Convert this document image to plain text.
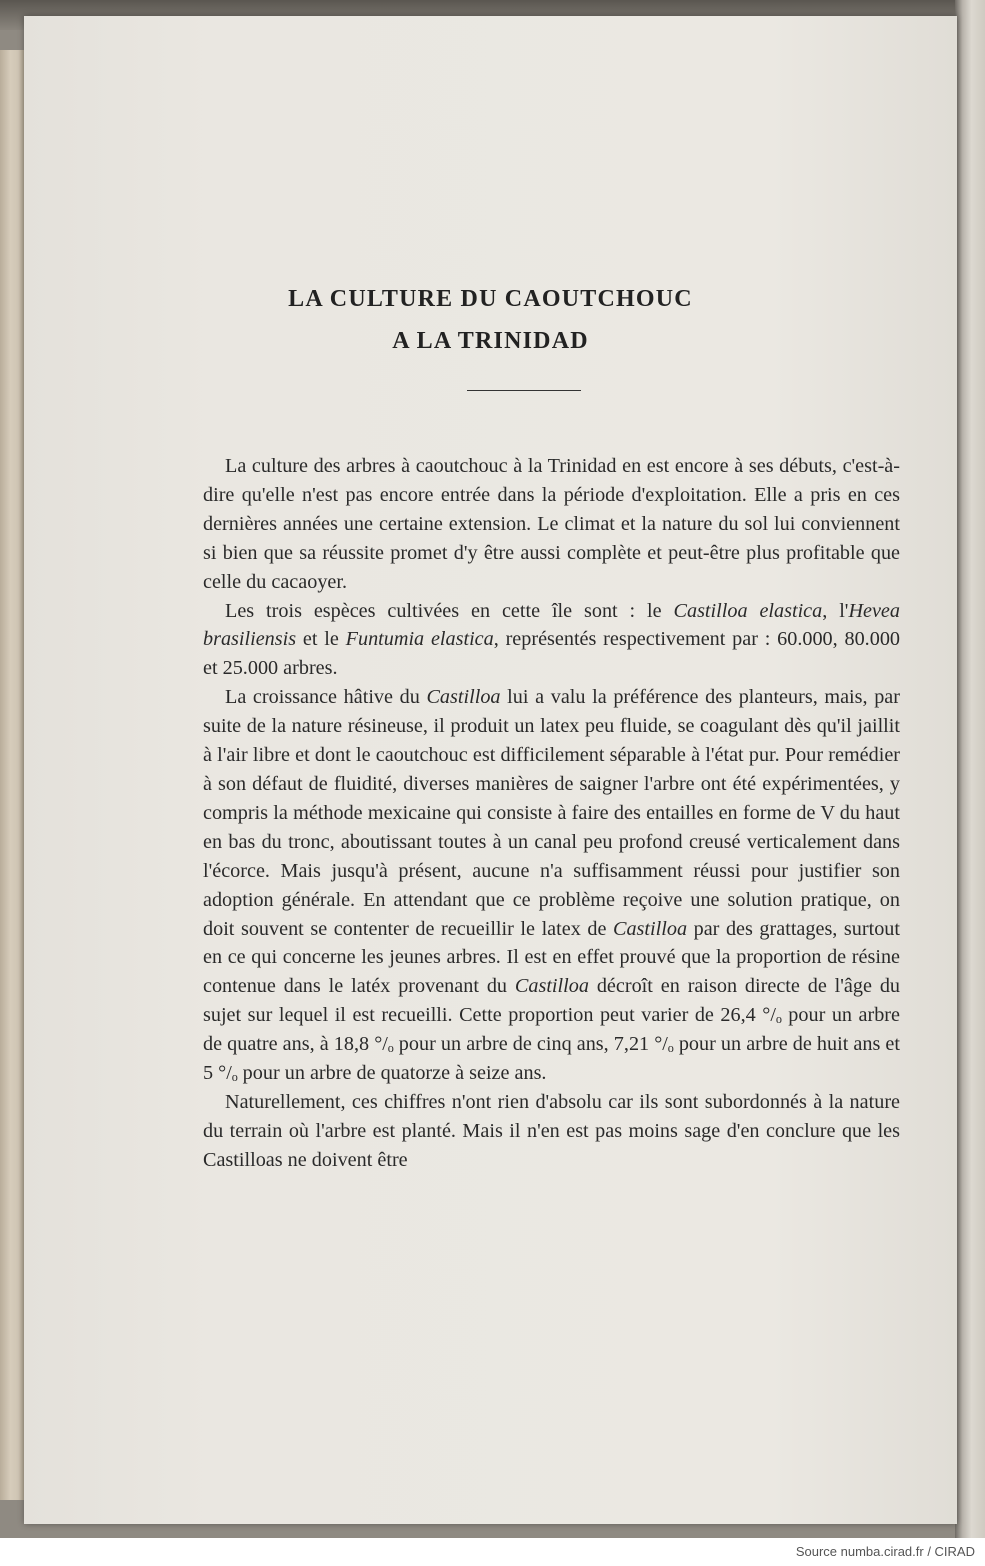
LA CULTURE DU CAOUTCHOUC
A LA TRINIDAD

La culture des arbres à caoutchouc à la Trinidad en est encore à ses débuts, c'est-à-dire qu'elle n'est pas encore entrée dans la période d'exploitation. Elle a pris en ces dernières années une certaine extension. Le climat et la nature du sol lui conviennent si bien que sa réussite promet d'y être aussi complète et peut-être plus profitable que celle du cacaoyer.

Les trois espèces cultivées en cette île sont : le Castilloa elastica, l'Hevea brasiliensis et le Funtumia elastica, représentés respectivement par : 60.000, 80.000 et 25.000 arbres.

La croissance hâtive du Castilloa lui a valu la préférence des planteurs, mais, par suite de la nature résineuse, il produit un latex peu fluide, se coagulant dès qu'il jaillit à l'air libre et dont le caoutchouc est difficilement séparable à l'état pur. Pour remédier à son défaut de fluidité, diverses manières de saigner l'arbre ont été expérimentées, y compris la méthode mexicaine qui consiste à faire des entailles en forme de V du haut en bas du tronc, aboutissant toutes à un canal peu profond creusé verticalement dans l'écorce. Mais jusqu'à présent, aucune n'a suffisamment réussi pour justifier son adoption générale. En attendant que ce problème reçoive une solution pratique, on doit souvent se contenter de recueillir le latex de Castilloa par des grattages, surtout en ce qui concerne les jeunes arbres. Il est en effet prouvé que la proportion de résine contenue dans le latéx provenant du Castilloa décroît en raison directe de l'âge du sujet sur lequel il est recueilli. Cette proportion peut varier de 26,4 °/ₒ pour un arbre de quatre ans, à 18,8 °/ₒ pour un arbre de cinq ans, 7,21 °/ₒ pour un arbre de huit ans et 5 °/ₒ pour un arbre de quatorze à seize ans.

Naturellement, ces chiffres n'ont rien d'absolu car ils sont subordonnés à la nature du terrain où l'arbre est planté. Mais il n'en est pas moins sage d'en conclure que les Castilloas ne doivent être

Source numba.cirad.fr / CIRAD
